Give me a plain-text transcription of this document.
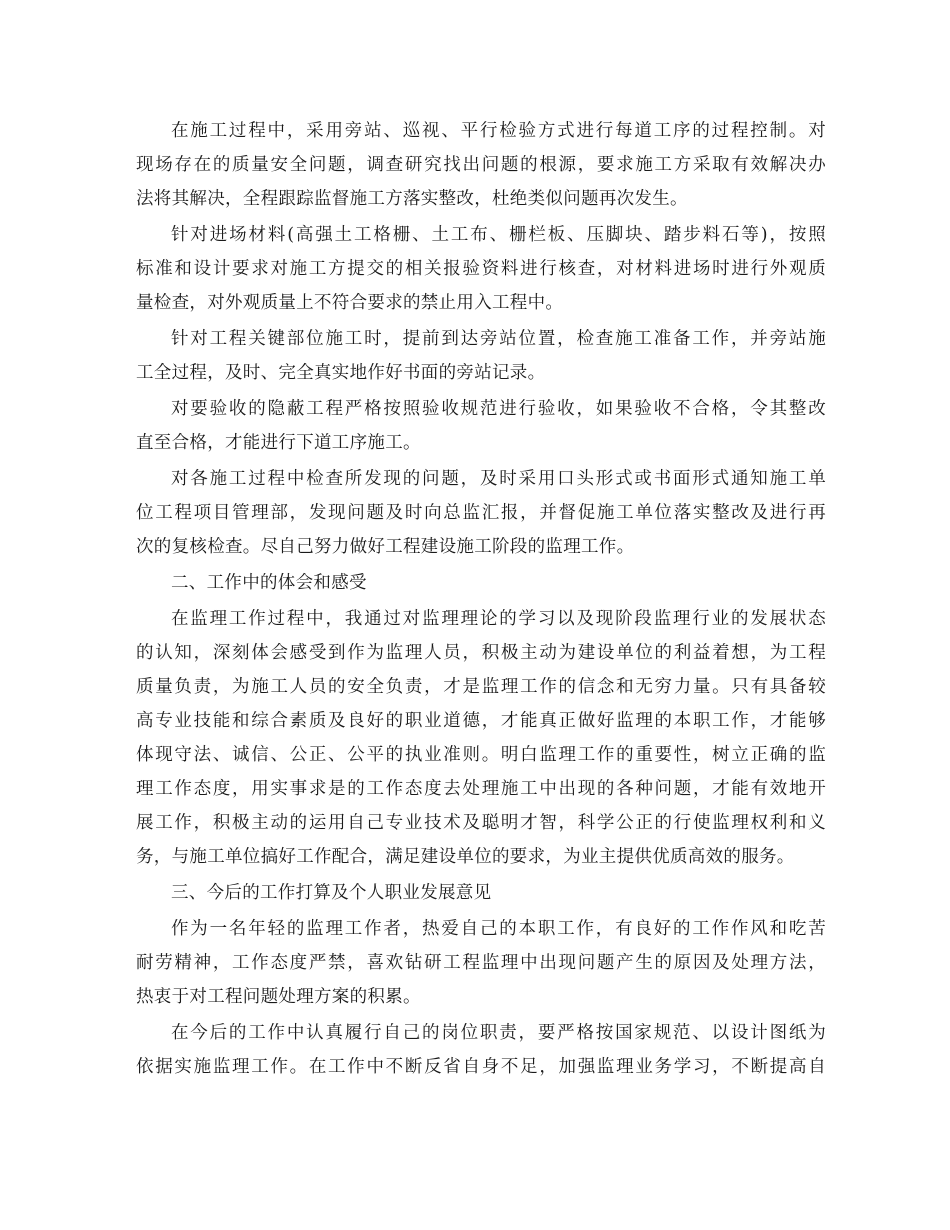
在施工过程中，采用旁站、巡视、平行检验方式进行每道工序的过程控制。对
现场存在的质量安全问题，调查研究找出问题的根源，要求施工方采取有效解决办
法将其解决，全程跟踪监督施工方落实整改，杜绝类似问题再次发生。
针对进场材料(高强土工格栅、土工布、栅栏板、压脚块、踏步料石等)，按照
标准和设计要求对施工方提交的相关报验资料进行核查，对材料进场时进行外观质
量检查，对外观质量上不符合要求的禁止用入工程中。
针对工程关键部位施工时，提前到达旁站位置，检查施工准备工作，并旁站施
工全过程，及时、完全真实地作好书面的旁站记录。
对要验收的隐蔽工程严格按照验收规范进行验收，如果验收不合格，令其整改
直至合格，才能进行下道工序施工。
对各施工过程中检查所发现的问题，及时采用口头形式或书面形式通知施工单
位工程项目管理部，发现问题及时向总监汇报，并督促施工单位落实整改及进行再
次的复核检查。尽自己努力做好工程建设施工阶段的监理工作。
二、工作中的体会和感受
在监理工作过程中，我通过对监理理论的学习以及现阶段监理行业的发展状态
的认知，深刻体会感受到作为监理人员，积极主动为建设单位的利益着想，为工程
质量负责，为施工人员的安全负责，才是监理工作的信念和无穷力量。只有具备较
高专业技能和综合素质及良好的职业道德，才能真正做好监理的本职工作，才能够
体现守法、诚信、公正、公平的执业准则。明白监理工作的重要性，树立正确的监
理工作态度，用实事求是的工作态度去处理施工中出现的各种问题，才能有效地开
展工作，积极主动的运用自己专业技术及聪明才智，科学公正的行使监理权利和义
务，与施工单位搞好工作配合，满足建设单位的要求，为业主提供优质高效的服务。
三、今后的工作打算及个人职业发展意见
作为一名年轻的监理工作者，热爱自己的本职工作，有良好的工作作风和吃苦
耐劳精神，工作态度严禁，喜欢钻研工程监理中出现问题产生的原因及处理方法，
热衷于对工程问题处理方案的积累。
在今后的工作中认真履行自己的岗位职责，要严格按国家规范、以设计图纸为
依据实施监理工作。在工作中不断反省自身不足，加强监理业务学习，不断提高自
